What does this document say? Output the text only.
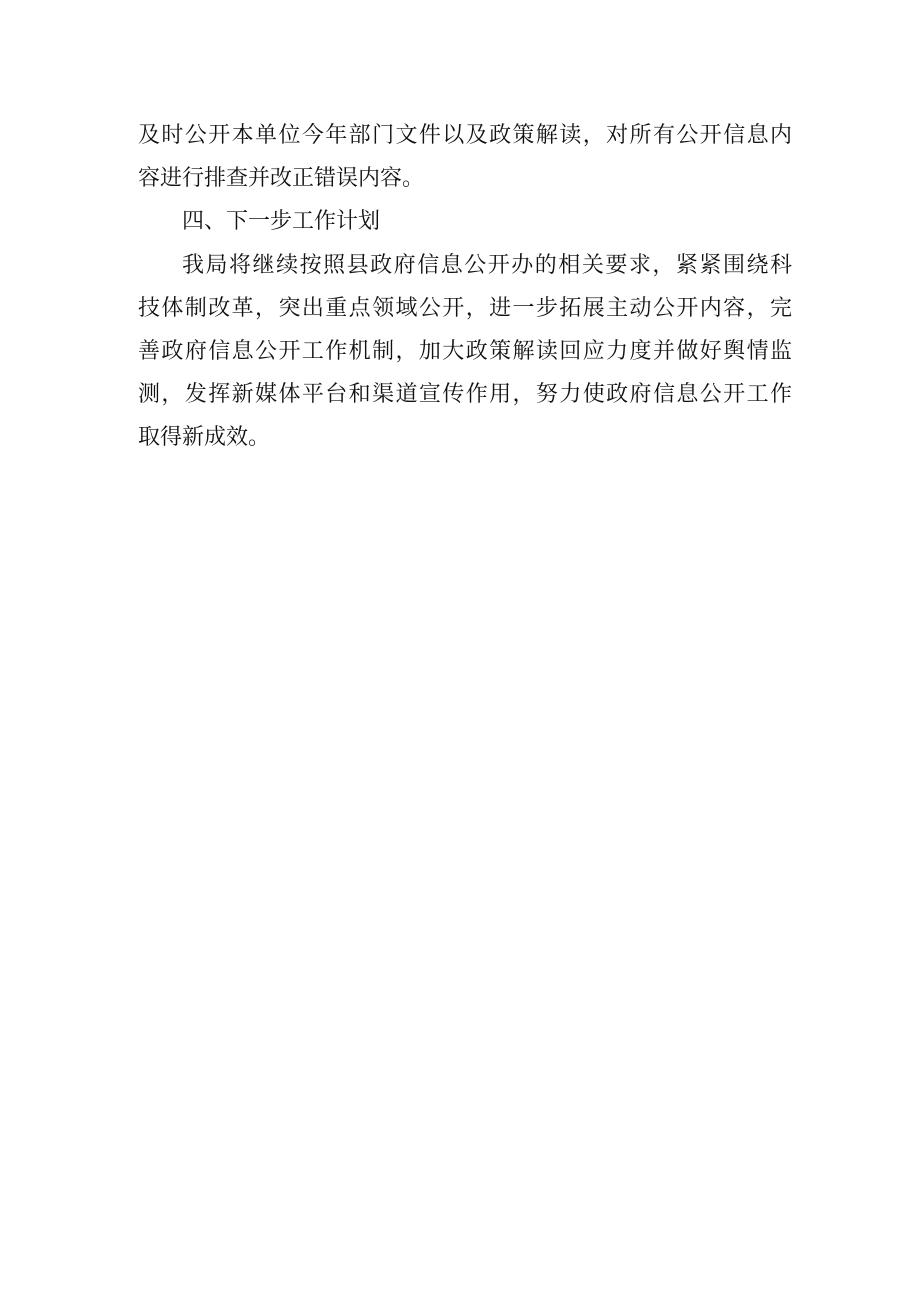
及时公开本单位今年部门文件以及政策解读，对所有公开信息内
容进行排查并改正错误内容。
四、下一步工作计划
我局将继续按照县政府信息公开办的相关要求，紧紧围绕科
技体制改革，突出重点领域公开，进一步拓展主动公开内容，完
善政府信息公开工作机制，加大政策解读回应力度并做好舆情监
测，发挥新媒体平台和渠道宣传作用，努力使政府信息公开工作
取得新成效。
